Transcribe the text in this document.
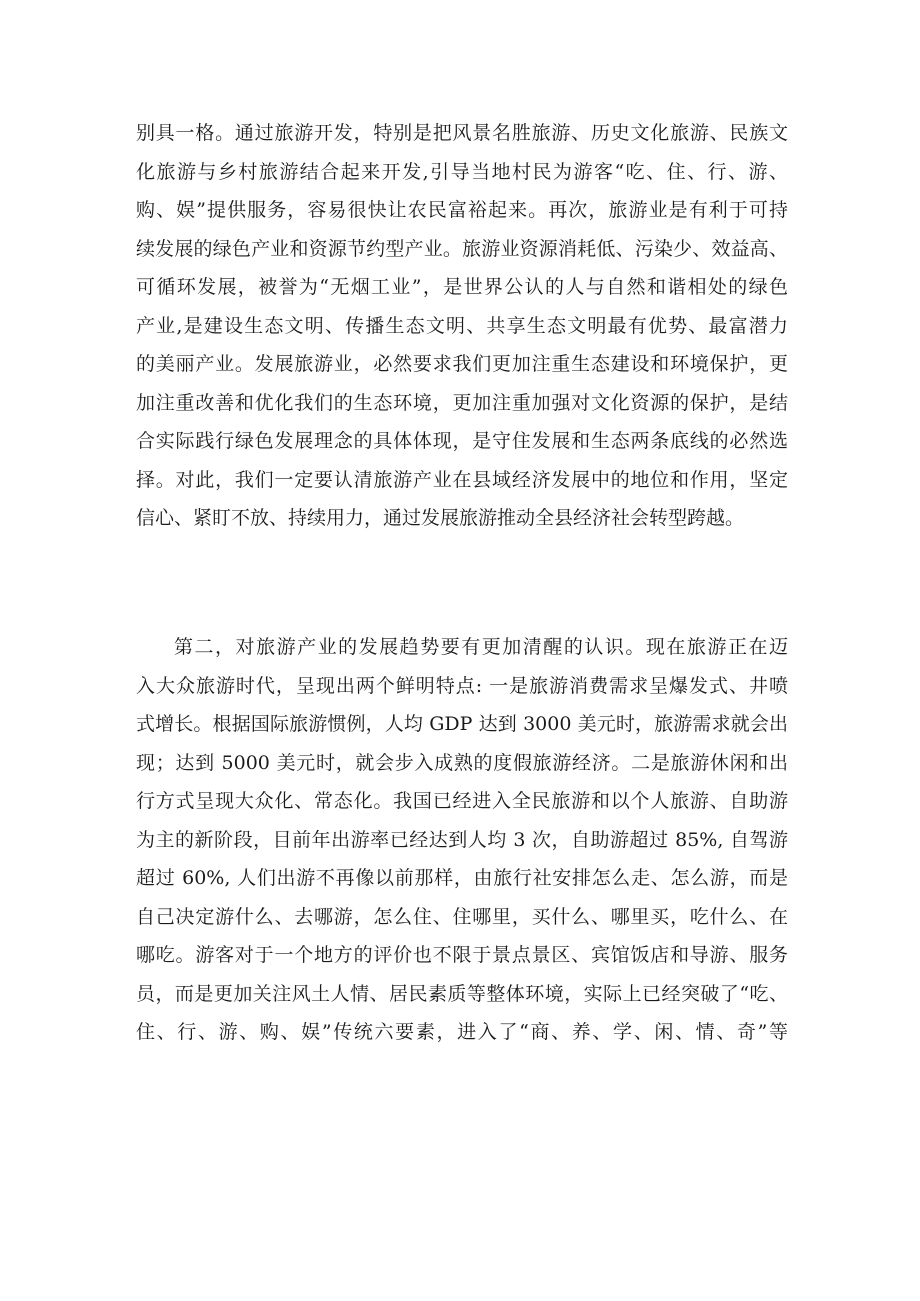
别具一格。通过旅游开发，特别是把风景名胜旅游、历史文化旅游、民族文
化旅游与乡村旅游结合起来开发,引导当地村民为游客“吃、住、行、游、
购、娱”提供服务，容易很快让农民富裕起来。再次，旅游业是有利于可持
续发展的绿色产业和资源节约型产业。旅游业资源消耗低、污染少、效益高、
可循环发展，被誉为“无烟工业”，是世界公认的人与自然和谐相处的绿色
产业,是建设生态文明、传播生态文明、共享生态文明最有优势、最富潜力
的美丽产业。发展旅游业，必然要求我们更加注重生态建设和环境保护，更
加注重改善和优化我们的生态环境，更加注重加强对文化资源的保护，是结
合实际践行绿色发展理念的具体体现，是守住发展和生态两条底线的必然选
择。对此，我们一定要认清旅游产业在县域经济发展中的地位和作用，坚定
信心、紧盯不放、持续用力，通过发展旅游推动全县经济社会转型跨越。
第二，对旅游产业的发展趋势要有更加清醒的认识。现在旅游正在迈
入大众旅游时代，呈现出两个鲜明特点: 一是旅游消费需求呈爆发式、井喷
式增长。根据国际旅游惯例，人均 GDP 达到 3000 美元时，旅游需求就会出
现；达到 5000 美元时，就会步入成熟的度假旅游经济。二是旅游休闲和出
行方式呈现大众化、常态化。我国已经进入全民旅游和以个人旅游、自助游
为主的新阶段，目前年出游率已经达到人均 3 次，自助游超过 85%, 自驾游
超过 60%, 人们出游不再像以前那样，由旅行社安排怎么走、怎么游，而是
自己决定游什么、去哪游，怎么住、住哪里，买什么、哪里买，吃什么、在
哪吃。游客对于一个地方的评价也不限于景点景区、宾馆饭店和导游、服务
员，而是更加关注风土人情、居民素质等整体环境，实际上已经突破了“吃、
住、行、游、购、娱”传统六要素，进入了“商、养、学、闲、情、奇”等
